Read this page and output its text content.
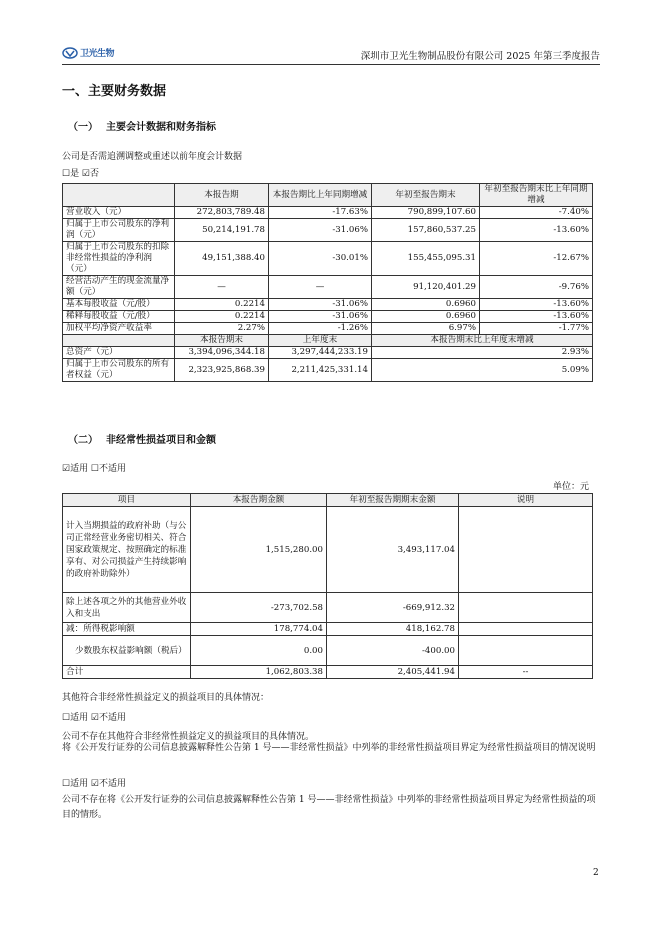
卫光生物	深圳市卫光生物制品股份有限公司 2025 年第三季度报告
一、主要财务数据
（一） 主要会计数据和财务指标
公司是否需追溯调整或重述以前年度会计数据
☐是 ☑否
	本报告期	本报告期比上年同期增减	年初至报告期末	年初至报告期末比上年同期增减
营业收入（元）	272,803,789.48	-17.63%	790,899,107.60	-7.40%
归属于上市公司股东的净利润（元）	50,214,191.78	-31.06%	157,860,537.25	-13.60%
归属于上市公司股东的扣除非经常性损益的净利润（元）	49,151,388.40	-30.01%	155,455,095.31	-12.67%
经营活动产生的现金流量净额（元）	—	—	91,120,401.29	-9.76%
基本每股收益（元/股）	0.2214	-31.06%	0.6960	-13.60%
稀释每股收益（元/股）	0.2214	-31.06%	0.6960	-13.60%
加权平均净资产收益率	2.27%	-1.26%	6.97%	-1.77%
	本报告期末	上年度末	本报告期末比上年度末增减	
总资产（元）	3,394,096,344.18	3,297,444,233.19	2.93%	
归属于上市公司股东的所有者权益（元）	2,323,925,868.39	2,211,425,331.14	5.09%	
（二） 非经常性损益项目和金额
☑适用 ☐不适用
单位：元
项目	本报告期金额	年初至报告期期末金额	说明
计入当期损益的政府补助（与公司正常经营业务密切相关、符合国家政策规定、按照确定的标准享有、对公司损益产生持续影响的政府补助除外）	1,515,280.00	3,493,117.04	
除上述各项之外的其他营业外收入和支出	-273,702.58	-669,912.32	
减：所得税影响额	178,774.04	418,162.78	
少数股东权益影响额（税后）	0.00	-400.00	
合计	1,062,803.38	2,405,441.94	--
其他符合非经常性损益定义的损益项目的具体情况：
☐适用 ☑不适用
公司不存在其他符合非经常性损益定义的损益项目的具体情况。
将《公开发行证券的公司信息披露解释性公告第 1 号——非经常性损益》中列举的非经常性损益项目界定为经常性损益项目的情况说明
☐适用 ☑不适用
公司不存在将《公开发行证券的公司信息披露解释性公告第 1 号——非经常性损益》中列举的非经常性损益项目界定为经常性损益的项目的情形。
2
